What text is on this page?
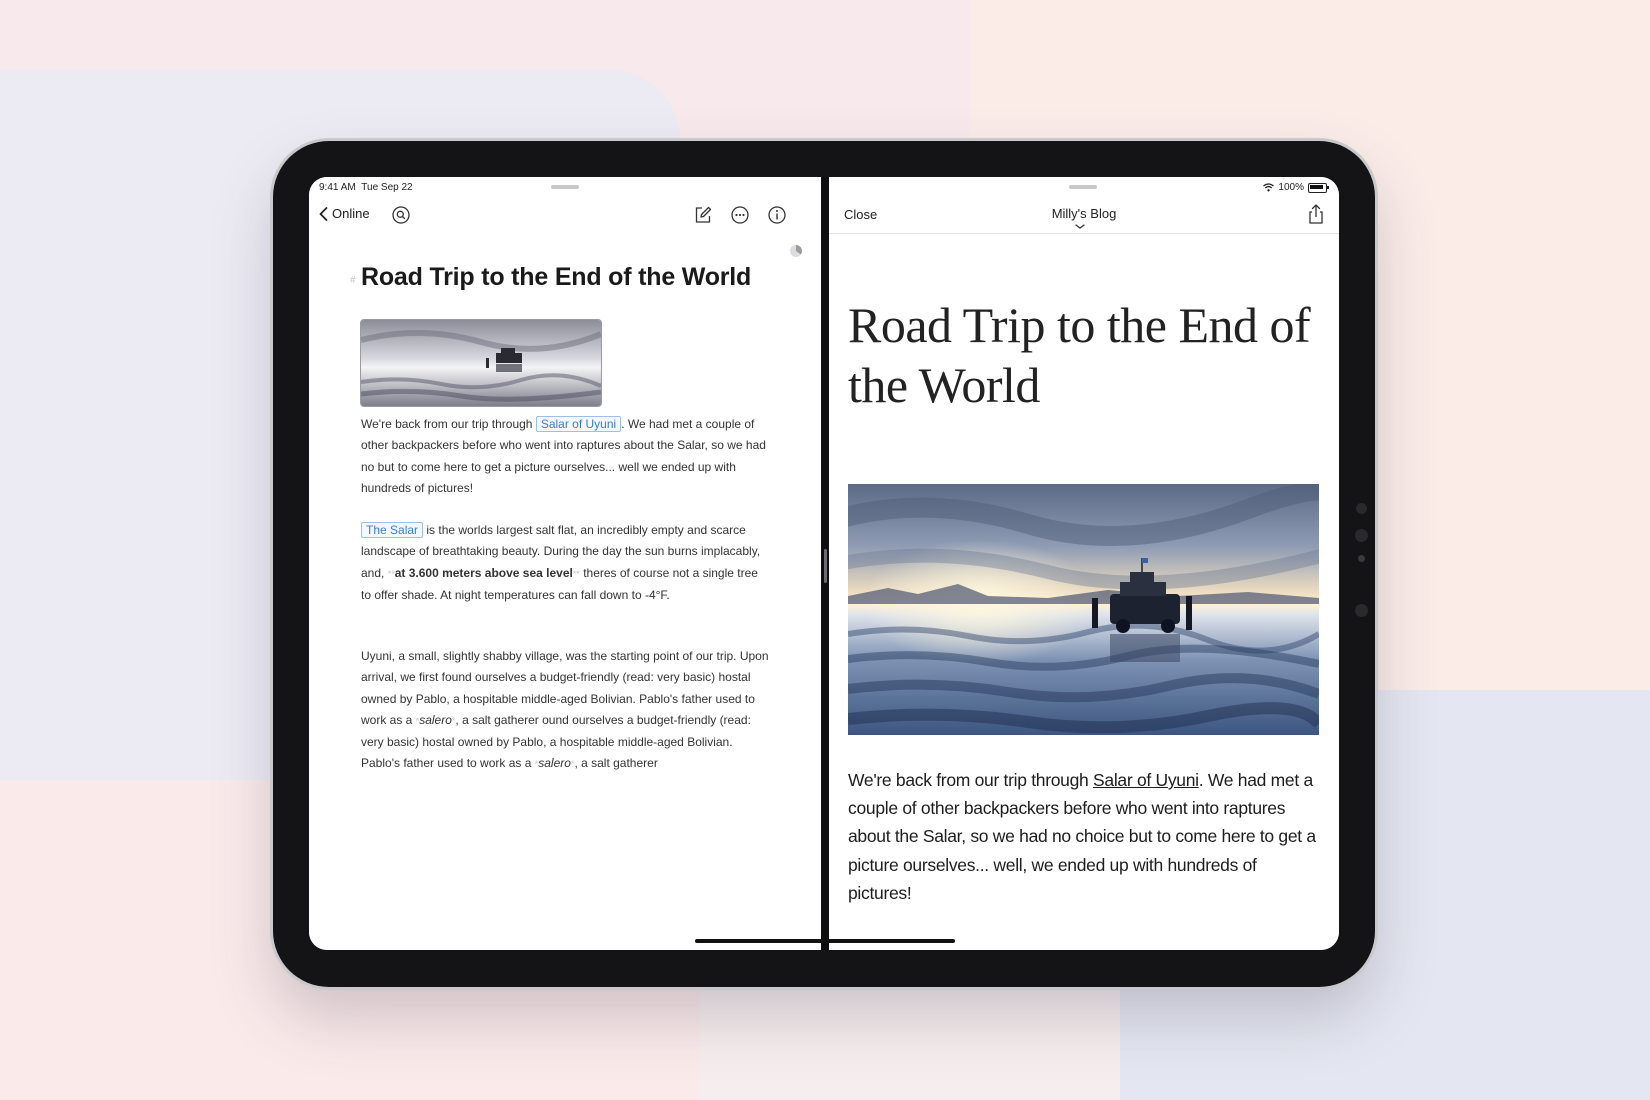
9:41 AM Tue Sep 22
Online
# Road Trip to the End of the World
We're back from our trip through Salar of Uyuni . We had met a couple of other backpackers before who went into raptures about the Salar, so we had no but to come here to get a picture ourselves... well we ended up with hundreds of pictures!
The Salar is the worlds largest salt flat, an incredibly empty and scarce landscape of breathtaking beauty. During the day the sun burns implacably, and, **at 3.600 meters above sea level** theres of course not a single tree to offer shade. At night temperatures can fall down to -4°F.
Uyuni, a small, slightly shabby village, was the starting point of our trip. Upon arrival, we first found ourselves a budget-friendly (read: very basic) hostal owned by Pablo, a hospitable middle-aged Bolivian. Pablo's father used to work as a *salero*, a salt gatherer ound ourselves a budget-friendly (read: very basic) hostal owned by Pablo, a hospitable middle-aged Bolivian. Pablo's father used to work as a *salero*, a salt gatherer
100%
Close	Milly's Blog
Road Trip to the End of the World
We're back from our trip through Salar of Uyuni. We had met a couple of other backpackers before who went into raptures about the Salar, so we had no choice but to come here to get a picture ourselves... well, we ended up with hundreds of pictures!
